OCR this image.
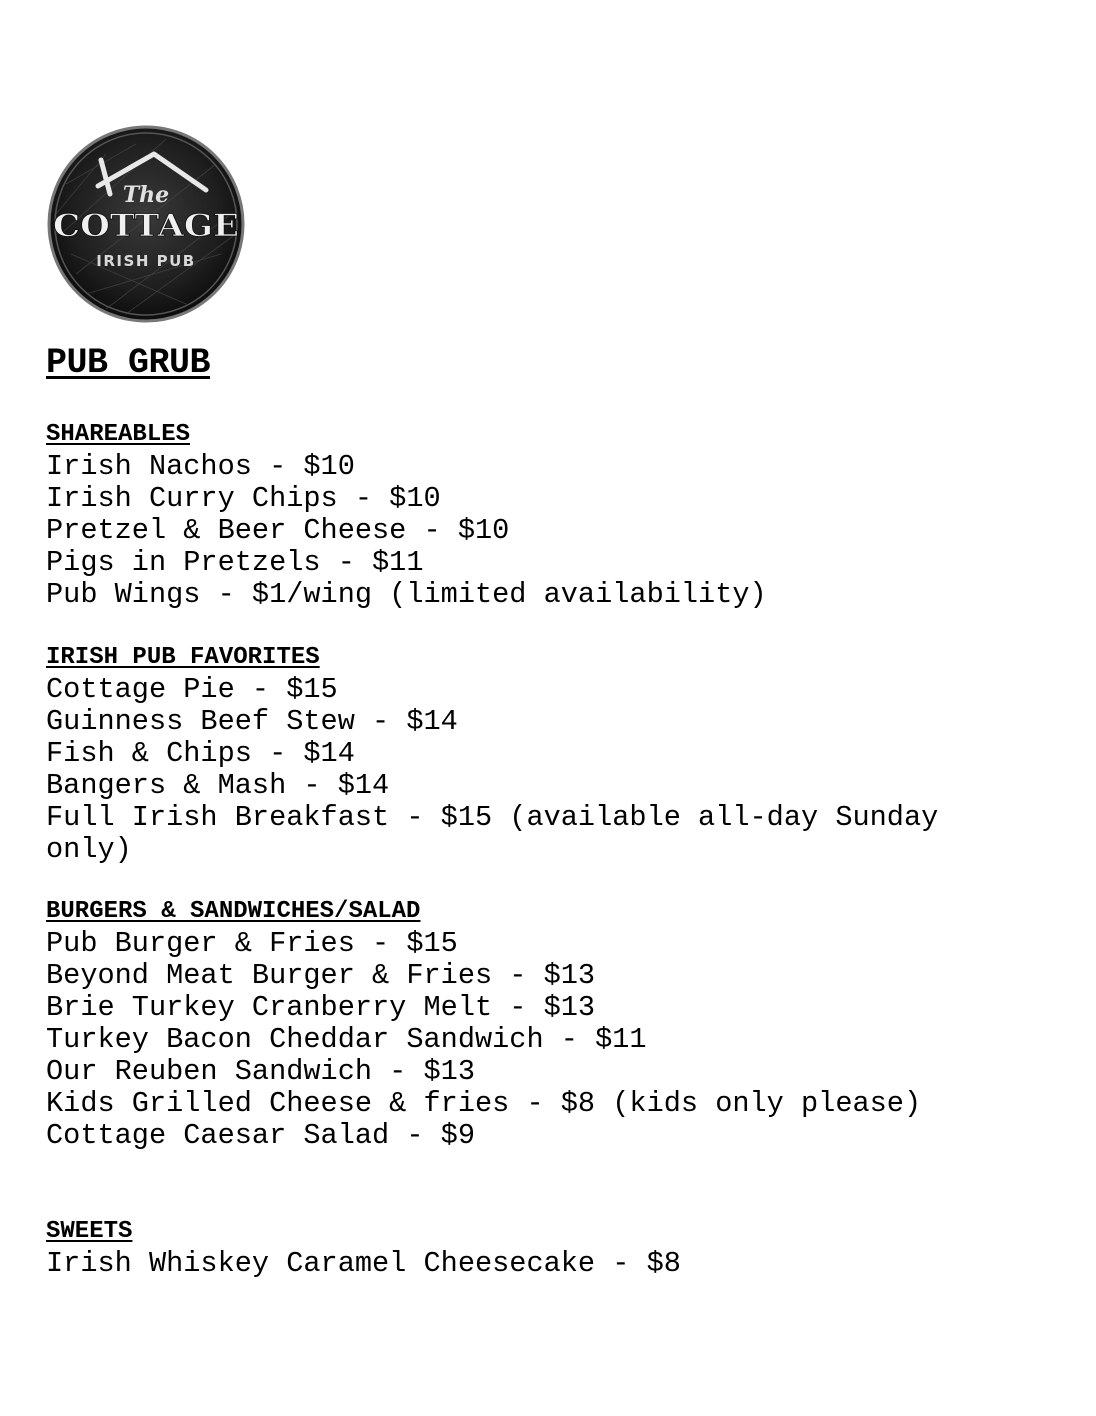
The
COTTAGE
IRISH PUB
PUB GRUB
SHAREABLES
Irish Nachos - $10
Irish Curry Chips - $10
Pretzel & Beer Cheese - $10
Pigs in Pretzels - $11
Pub Wings - $1/wing (limited availability)
IRISH PUB FAVORITES
Cottage Pie - $15
Guinness Beef Stew - $14
Fish & Chips - $14
Bangers & Mash - $14
Full Irish Breakfast - $15 (available all-day Sunday only)
BURGERS & SANDWICHES/SALAD
Pub Burger & Fries - $15
Beyond Meat Burger & Fries - $13
Brie Turkey Cranberry Melt - $13
Turkey Bacon Cheddar Sandwich - $11
Our Reuben Sandwich - $13
Kids Grilled Cheese & fries - $8 (kids only please)
Cottage Caesar Salad - $9
SWEETS
Irish Whiskey Caramel Cheesecake - $8
